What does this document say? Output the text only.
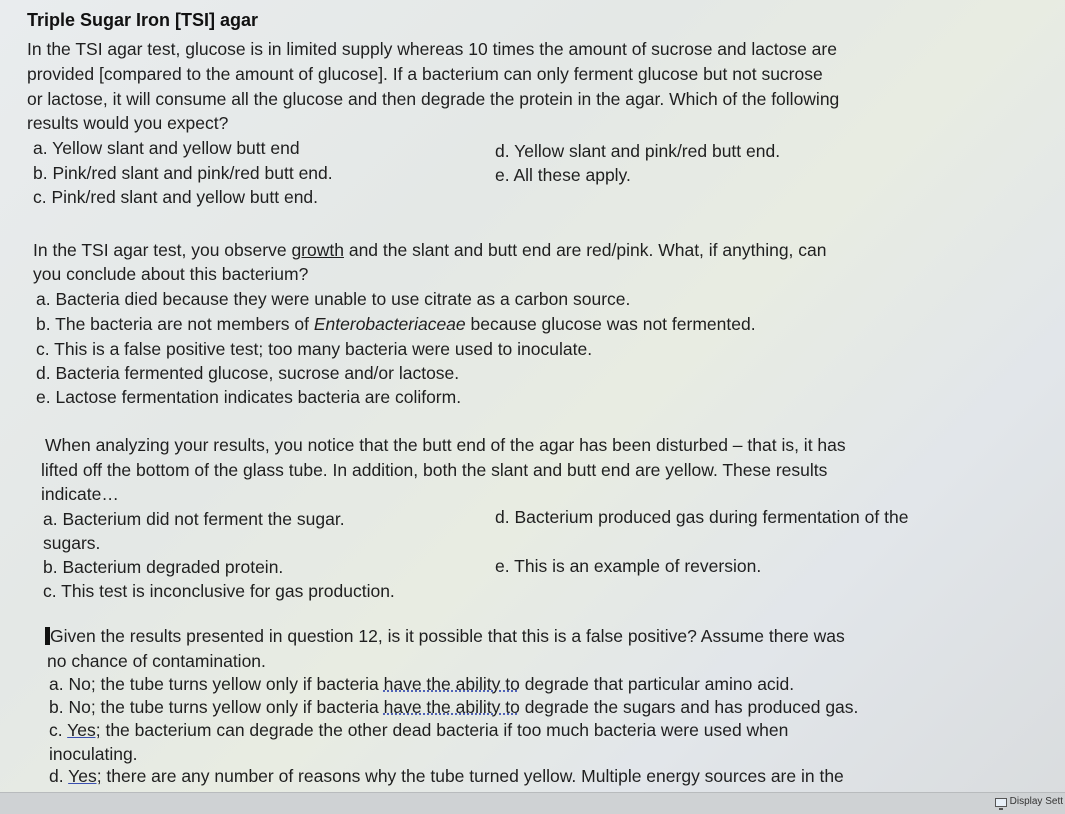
Triple Sugar Iron [TSI] agar
In the TSI agar test, glucose is in limited supply whereas 10 times the amount of sucrose and lactose are
provided [compared to the amount of glucose]. If a bacterium can only ferment glucose but not sucrose
or lactose, it will consume all the glucose and then degrade the protein in the agar. Which of the following
results would you expect?
a. Yellow slant and yellow butt end
b. Pink/red slant and pink/red butt end.
c. Pink/red slant and yellow butt end.
d. Yellow slant and pink/red butt end.
e. All these apply.
In the TSI agar test, you observe growth and the slant and butt end are red/pink. What, if anything, can
you conclude about this bacterium?
a. Bacteria died because they were unable to use citrate as a carbon source.
b. The bacteria are not members of Enterobacteriaceae because glucose was not fermented.
c. This is a false positive test; too many bacteria were used to inoculate.
d. Bacteria fermented glucose, sucrose and/or lactose.
e. Lactose fermentation indicates bacteria are coliform.
When analyzing your results, you notice that the butt end of the agar has been disturbed – that is, it has
lifted off the bottom of the glass tube. In addition, both the slant and butt end are yellow. These results
indicate…
a. Bacterium did not ferment the sugar.
sugars.
b. Bacterium degraded protein.
c. This test is inconclusive for gas production.
d. Bacterium produced gas during fermentation of the
e. This is an example of reversion.
Given the results presented in question 12, is it possible that this is a false positive? Assume there was
no chance of contamination.
a. No; the tube turns yellow only if bacteria have the ability to degrade that particular amino acid.
b. No; the tube turns yellow only if bacteria have the ability to degrade the sugars and has produced gas.
c. Yes; the bacterium can degrade the other dead bacteria if too much bacteria were used when
inoculating.
d. Yes; there are any number of reasons why the tube turned yellow. Multiple energy sources are in the
Display Sett
